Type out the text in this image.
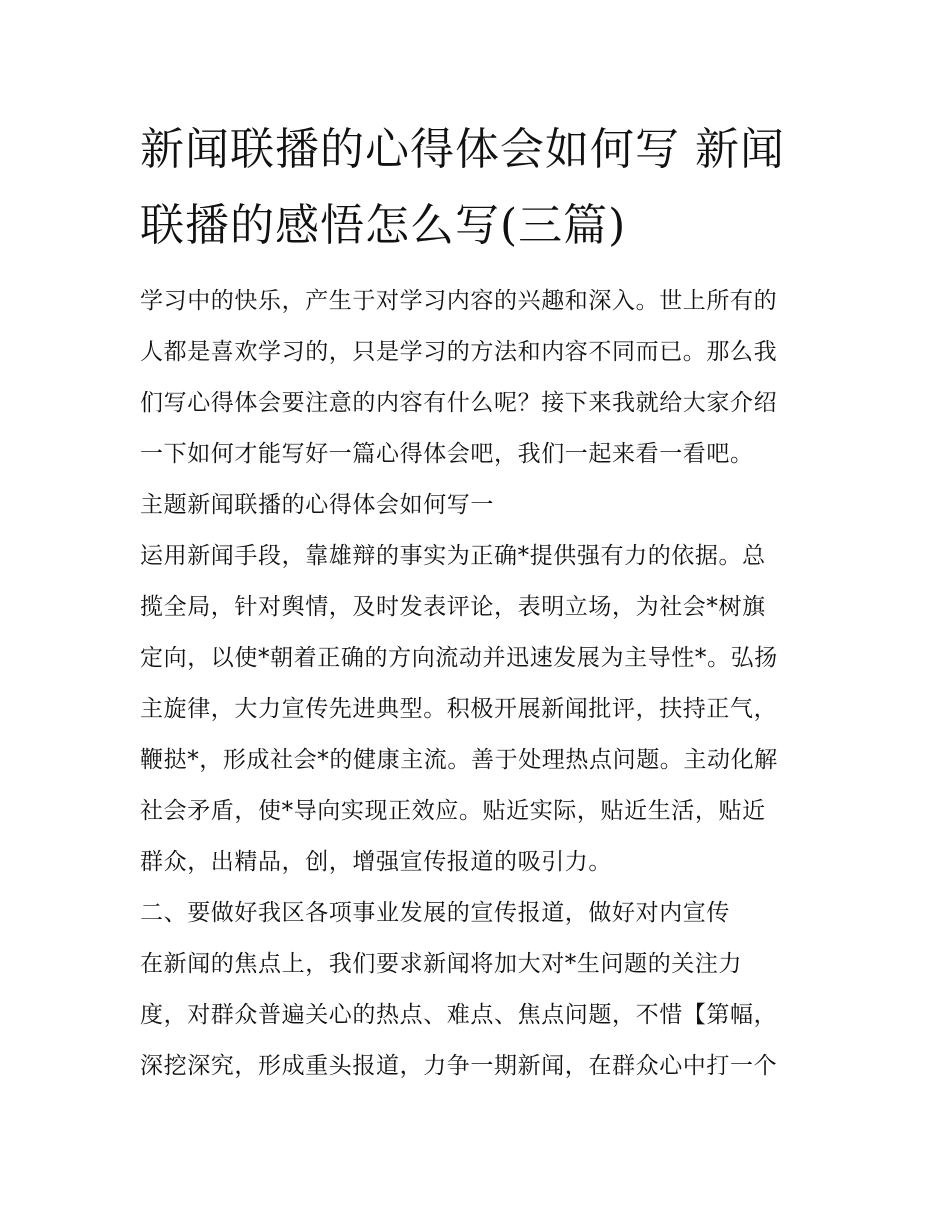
新闻联播的心得体会如何写 新闻联播的感悟怎么写(三篇)

学习中的快乐，产生于对学习内容的兴趣和深入。世上所有的

人都是喜欢学习的，只是学习的方法和内容不同而已。那么我

们写心得体会要注意的内容有什么呢？接下来我就给大家介绍

一下如何才能写好一篇心得体会吧，我们一起来看一看吧。

主题新闻联播的心得体会如何写一

运用新闻手段，靠雄辩的事实为正确*提供强有力的依据。总

揽全局，针对舆情，及时发表评论，表明立场，为社会*树旗

定向，以使*朝着正确的方向流动并迅速发展为主导性*。弘扬

主旋律，大力宣传先进典型。积极开展新闻批评，扶持正气，

鞭挞*，形成社会*的健康主流。善于处理热点问题。主动化解

社会矛盾，使*导向实现正效应。贴近实际，贴近生活，贴近

群众，出精品，创，增强宣传报道的吸引力。

二、要做好我区各项事业发展的宣传报道，做好对内宣传

在新闻的焦点上，我们要求新闻将加大对*生问题的关注力

度，对群众普遍关心的热点、难点、焦点问题，不惜【第幅，

深挖深究，形成重头报道，力争一期新闻，在群众心中打一个
